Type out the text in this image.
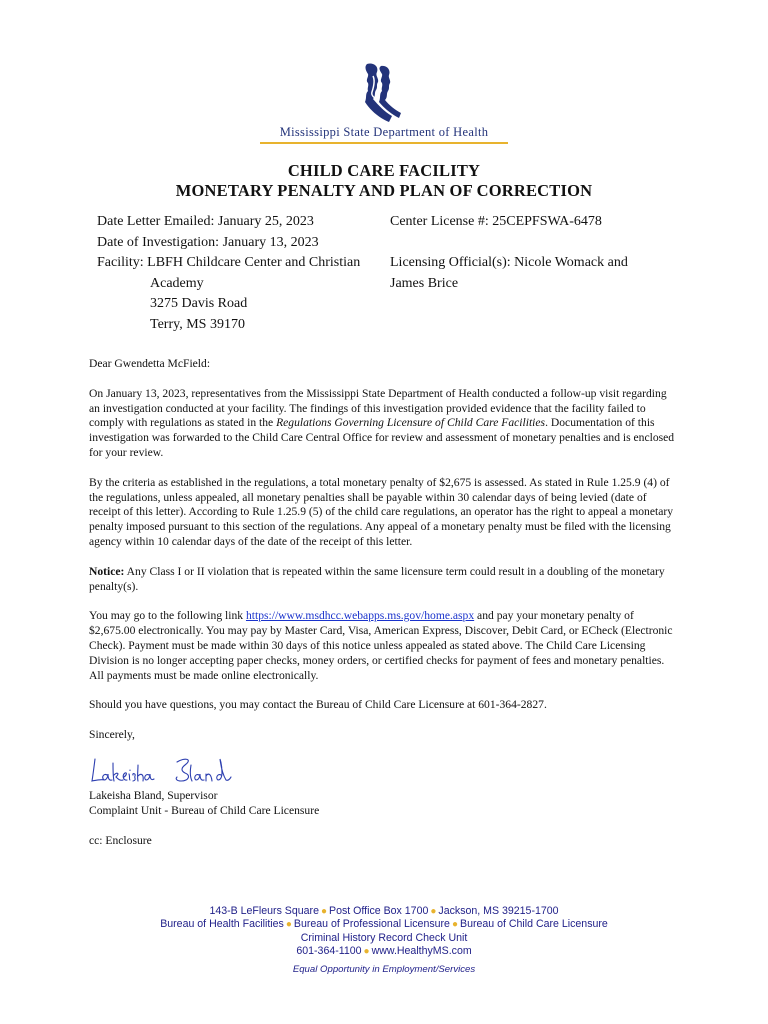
Mississippi State Department of Health
CHILD CARE FACILITY
MONETARY PENALTY AND PLAN OF CORRECTION
Date Letter Emailed: January 25, 2023
Date of Investigation: January 13, 2023
Facility: LBFH Childcare Center and Christian
Academy
3275 Davis Road
Terry, MS 39170
Center License #: 25CEPFSWA-6478
Licensing Official(s): Nicole Womack and
James Brice

Dear Gwendetta McField:

On January 13, 2023, representatives from the Mississippi State Department of Health conducted a follow-up visit regarding an investigation conducted at your facility. The findings of this investigation provided evidence that the facility failed to comply with regulations as stated in the Regulations Governing Licensure of Child Care Facilities. Documentation of this investigation was forwarded to the Child Care Central Office for review and assessment of monetary penalties and is enclosed for your review.

By the criteria as established in the regulations, a total monetary penalty of $2,675 is assessed. As stated in Rule 1.25.9 (4) of the regulations, unless appealed, all monetary penalties shall be payable within 30 calendar days of being levied (date of receipt of this letter). According to Rule 1.25.9 (5) of the child care regulations, an operator has the right to appeal a monetary penalty imposed pursuant to this section of the regulations. Any appeal of a monetary penalty must be filed with the licensing agency within 10 calendar days of the date of the receipt of this letter.

Notice: Any Class I or II violation that is repeated within the same licensure term could result in a doubling of the monetary penalty(s).

You may go to the following link https://www.msdhcc.webapps.ms.gov/home.aspx and pay your monetary penalty of $2,675.00 electronically. You may pay by Master Card, Visa, American Express, Discover, Debit Card, or ECheck (Electronic Check). Payment must be made within 30 days of this notice unless appealed as stated above. The Child Care Licensing Division is no longer accepting paper checks, money orders, or certified checks for payment of fees and monetary penalties. All payments must be made online electronically.

Should you have questions, you may contact the Bureau of Child Care Licensure at 601-364-2827.

Sincerely,

Lakeisha Bland, Supervisor
Complaint Unit - Bureau of Child Care Licensure
cc: Enclosure
143-B LeFleurs Square ● Post Office Box 1700 ● Jackson, MS 39215-1700
Bureau of Health Facilities ● Bureau of Professional Licensure ● Bureau of Child Care Licensure
Criminal History Record Check Unit
601-364-1100 ● www.HealthyMS.com
Equal Opportunity in Employment/Services
